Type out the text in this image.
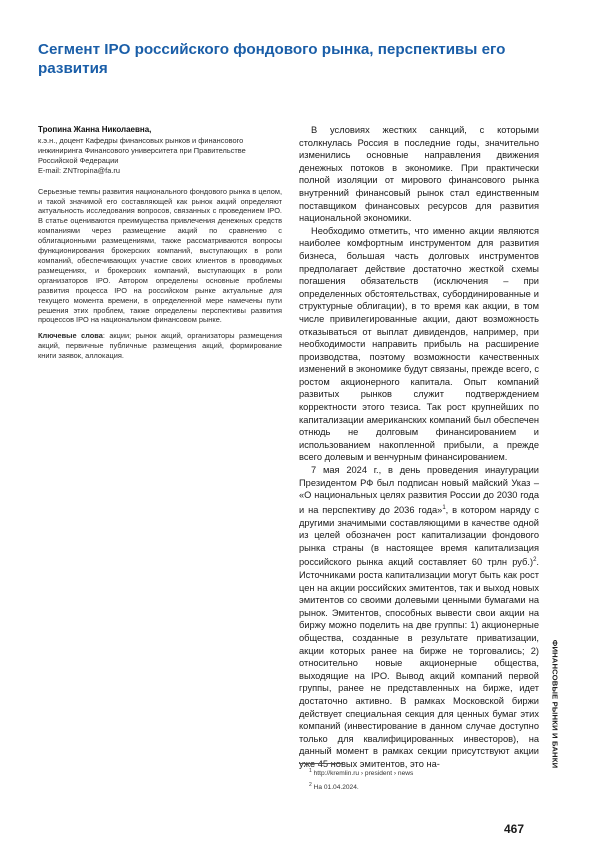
Сегмент IPO российского фондового рынка, перспективы его развития
Тропина Жанна Николаевна,
к.э.н., доцент Кафедры финансовых рынков и финансового инжиниринга Финансового университета при Правительстве Российской Федерации
E-mail: ZNTropina@fa.ru
Серьезные темпы развития национального фондового рынка в целом, и такой значимой его составляющей как рынок акций определяют актуальность исследования вопросов, связанных с проведением IPO. В статье оцениваются преимущества привлечения денежных средств компаниями через размещение акций по сравнению с облигационными размещениями, также рассматриваются вопросы функционирования брокерских компаний, выступающих в роли компаний, обеспечивающих участие своих клиентов в проводимых размещениях, и брокерских компаний, выступающих в роли организаторов IPO. Автором определены основные проблемы развития процесса IPO на российском рынке актуальные для текущего момента времени, в определенной мере намечены пути решения этих проблем, также определены перспективы развития процессов IPO на национальном финансовом рынке.
Ключевые слова: акции; рынок акций, организаторы размещения акций, первичные публичные размещения акций, формирование книги заявок, аллокация.

В условиях жестких санкций, с которыми столкнулась Россия в последние годы, значительно изменились основные направления движения денежных потоков в экономике. При практически полной изоляции от мирового финансового рынка внутренний финансовый рынок стал единственным поставщиком финансовых ресурсов для развития национальной экономики.

Необходимо отметить, что именно акции являются наиболее комфортным инструментом для развития бизнеса, большая часть долговых инструментов предполагает действие достаточно жесткой схемы погашения обязательств (исключения – при определенных обстоятельствах, субординированные и структурные облигации), в то время как акции, в том числе привилегированные акции, дают возможность отказываться от выплат дивидендов, например, при необходимости направить прибыль на расширение производства, поэтому возможности качественных изменений в экономике будут связаны, прежде всего, с ростом акционерного капитала. Опыт компаний развитых рынков служит подтверждением корректности этого тезиса. Так рост крупнейших по капитализации американских компаний был обеспечен отнюдь не долговым финансированием и использованием накопленной прибыли, а прежде всего долевым и венчурным финансированием.

7 мая 2024 г., в день проведения инаугурации Президентом РФ был подписан новый майский Указ – «О национальных целях развития России до 2030 года и на перспективу до 2036 года»$^1$, в котором наряду с другими значимыми составляющими в качестве одной из целей обозначен рост капитализации фондового рынка страны (в настоящее время капитализация российского рынка акций составляет 60 трлн руб.)$^2$. Источниками роста капитализации могут быть как рост цен на акции российских эмитентов, так и выход новых эмитентов со своими долевыми ценными бумагами на рынок. Эмитентов, способных вывести свои акции на биржу можно поделить на две группы: 1) акционерные общества, созданные в результате приватизации, акции которых ранее на бирже не торговались; 2) относительно новые акционерные общества, выходящие на IPO. Вывод акций компаний первой группы, ранее не представленных на бирже, идет достаточно активно. В рамках Московской биржи действует специальная секция для ценных бумаг этих компаний (инвестирование в данном случае доступно только для квалифицированных инвесторов), на данный момент в рамках секции присутствуют акции уже 45 новых эмитентов, это на-

$^1$ http://kremlin.ru › president › news
$^2$ На 01.04.2024.
ФИНАНСОВЫЕ РЫНКИ И БАНКИ
467
